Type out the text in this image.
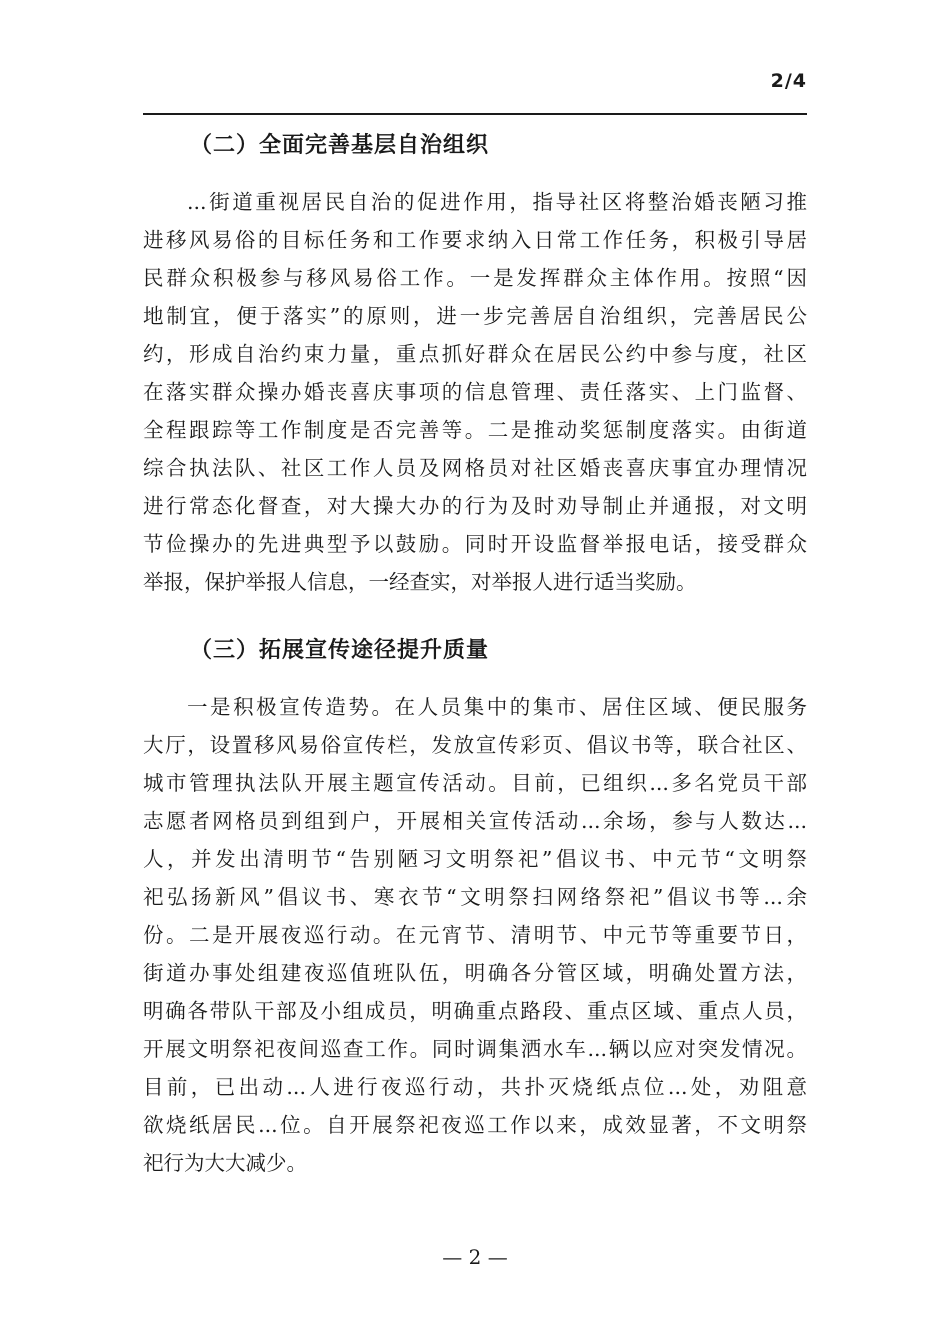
2/4
（二）全面完善基层自治组织
...街道重视居民自治的促进作用，指导社区将整治婚丧陋习推
进移风易俗的目标任务和工作要求纳入日常工作任务，积极引导居
民群众积极参与移风易俗工作。一是发挥群众主体作用。按照“因
地制宜，便于落实”的原则，进一步完善居自治组织，完善居民公
约，形成自治约束力量，重点抓好群众在居民公约中参与度，社区
在落实群众操办婚丧喜庆事项的信息管理、责任落实、上门监督、
全程跟踪等工作制度是否完善等。二是推动奖惩制度落实。由街道
综合执法队、社区工作人员及网格员对社区婚丧喜庆事宜办理情况
进行常态化督查，对大操大办的行为及时劝导制止并通报，对文明
节俭操办的先进典型予以鼓励。同时开设监督举报电话，接受群众
举报，保护举报人信息，一经查实，对举报人进行适当奖励。
（三）拓展宣传途径提升质量
一是积极宣传造势。在人员集中的集市、居住区域、便民服务
大厅，设置移风易俗宣传栏，发放宣传彩页、倡议书等，联合社区、
城市管理执法队开展主题宣传活动。目前，已组织...多名党员干部
志愿者网格员到组到户，开展相关宣传活动...余场，参与人数达...
人，并发出清明节“告别陋习文明祭祀”倡议书、中元节“文明祭
祀弘扬新风”倡议书、寒衣节“文明祭扫网络祭祀”倡议书等...余
份。二是开展夜巡行动。在元宵节、清明节、中元节等重要节日，
街道办事处组建夜巡值班队伍，明确各分管区域，明确处置方法，
明确各带队干部及小组成员，明确重点路段、重点区域、重点人员，
开展文明祭祀夜间巡查工作。同时调集洒水车...辆以应对突发情况。
目前，已出动...人进行夜巡行动，共扑灭烧纸点位...处，劝阻意
欲烧纸居民...位。自开展祭祀夜巡工作以来，成效显著，不文明祭
祀行为大大减少。
— 2 —
